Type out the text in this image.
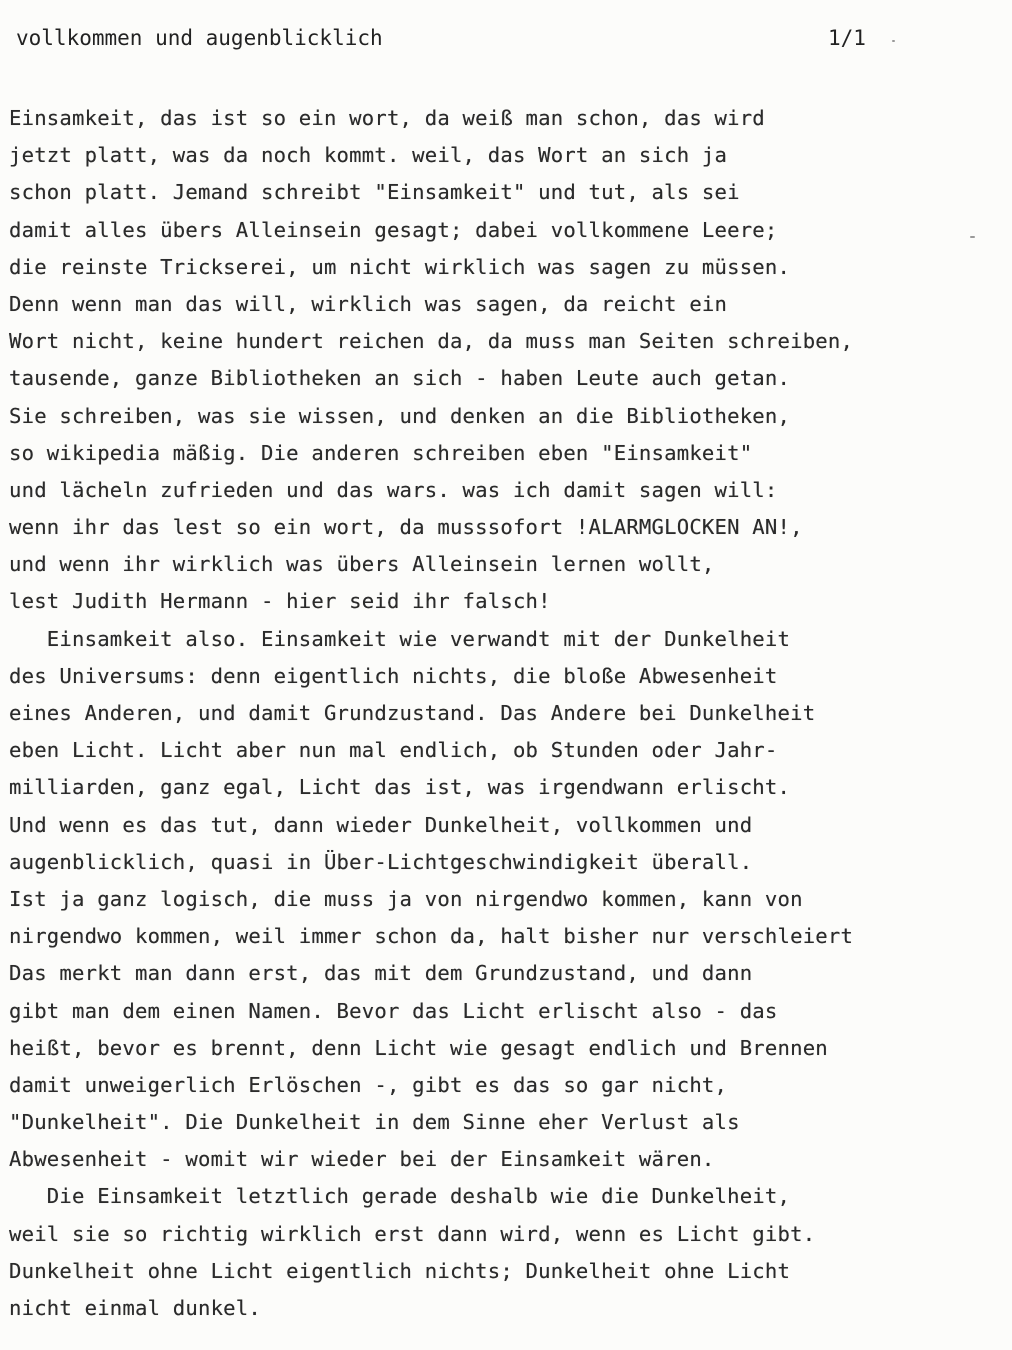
vollkommen und augenblicklich	1/1
Einsamkeit, das ist so ein wort, da weiß man schon, das wird
jetzt platt, was da noch kommt. weil, das Wort an sich ja
schon platt. Jemand schreibt "Einsamkeit" und tut, als sei
damit alles übers Alleinsein gesagt; dabei vollkommene Leere;
die reinste Trickserei, um nicht wirklich was sagen zu müssen.
Denn wenn man das will, wirklich was sagen, da reicht ein
Wort nicht, keine hundert reichen da, da muss man Seiten schreiben,
tausende, ganze Bibliotheken an sich - haben Leute auch getan.
Sie schreiben, was sie wissen, und denken an die Bibliotheken,
so wikipedia mäßig. Die anderen schreiben eben "Einsamkeit"
und lächeln zufrieden und das wars. was ich damit sagen will:
wenn ihr das lest so ein wort, da musssofort !ALARMGLOCKEN AN!,
und wenn ihr wirklich was übers Alleinsein lernen wollt,
lest Judith Hermann - hier seid ihr falsch!
Einsamkeit also. Einsamkeit wie verwandt mit der Dunkelheit
des Universums: denn eigentlich nichts, die bloße Abwesenheit
eines Anderen, und damit Grundzustand. Das Andere bei Dunkelheit
eben Licht. Licht aber nun mal endlich, ob Stunden oder Jahr-
milliarden, ganz egal, Licht das ist, was irgendwann erlischt.
Und wenn es das tut, dann wieder Dunkelheit, vollkommen und
augenblicklich, quasi in Über-Lichtgeschwindigkeit überall.
Ist ja ganz logisch, die muss ja von nirgendwo kommen, kann von
nirgendwo kommen, weil immer schon da, halt bisher nur verschleiert
Das merkt man dann erst, das mit dem Grundzustand, und dann
gibt man dem einen Namen. Bevor das Licht erlischt also - das
heißt, bevor es brennt, denn Licht wie gesagt endlich und Brennen
damit unweigerlich Erlöschen -, gibt es das so gar nicht,
"Dunkelheit". Die Dunkelheit in dem Sinne eher Verlust als
Abwesenheit - womit wir wieder bei der Einsamkeit wären.
Die Einsamkeit letztlich gerade deshalb wie die Dunkelheit,
weil sie so richtig wirklich erst dann wird, wenn es Licht gibt.
Dunkelheit ohne Licht eigentlich nichts; Dunkelheit ohne Licht
nicht einmal dunkel.
